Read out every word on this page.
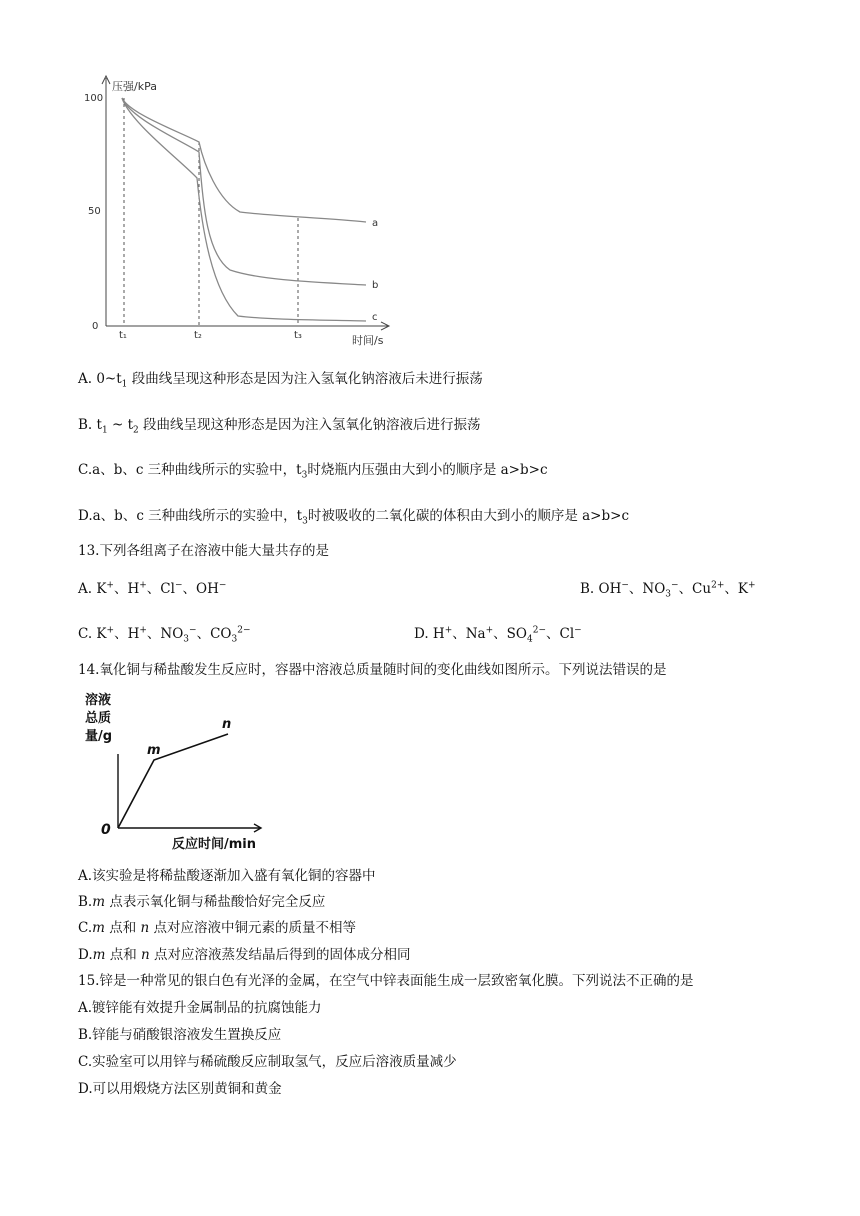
压强/kPa
时间/s
100
50
0
t₁	t₂	t₃
a
b
c
A. $0\sim t_1$ 段曲线呈现这种形态是因为注入氢氧化钠溶液后未进行振荡
B. $t_1$ ~ $t_2$ 段曲线呈现这种形态是因为注入氢氧化钠溶液后进行振荡
C.a、b、c 三种曲线所示的实验中，$t_3$时烧瓶内压强由大到小的顺序是 a>b>c
D.a、b、c 三种曲线所示的实验中，$t_3$时被吸收的二氧化碳的体积由大到小的顺序是 a>b>c
13.下列各组离子在溶液中能大量共存的是
A. K+、H+、Cl−、OH−	B. OH−、$NO_3^-$、$Cu^{2+}$、K+
C. K+、H+、$NO_3^-$、$CO_3^{2-}$	D. H+、Na+、$SO_4^{2-}$、Cl−
14.氧化铜与稀盐酸发生反应时，容器中溶液总质量随时间的变化曲线如图所示。下列说法错误的是
溶液
总质
量/g
0
m
n
反应时间/min
A.该实验是将稀盐酸逐渐加入盛有氧化铜的容器中
B.m 点表示氧化铜与稀盐酸恰好完全反应
C.m 点和 n 点对应溶液中铜元素的质量不相等
D.m 点和 n 点对应溶液蒸发结晶后得到的固体成分相同
15.锌是一种常见的银白色有光泽的金属，在空气中锌表面能生成一层致密氧化膜。下列说法不正确的是
A.镀锌能有效提升金属制品的抗腐蚀能力
B.锌能与硝酸银溶液发生置换反应
C.实验室可以用锌与稀硫酸反应制取氢气，反应后溶液质量减少
D.可以用煅烧方法区别黄铜和黄金
